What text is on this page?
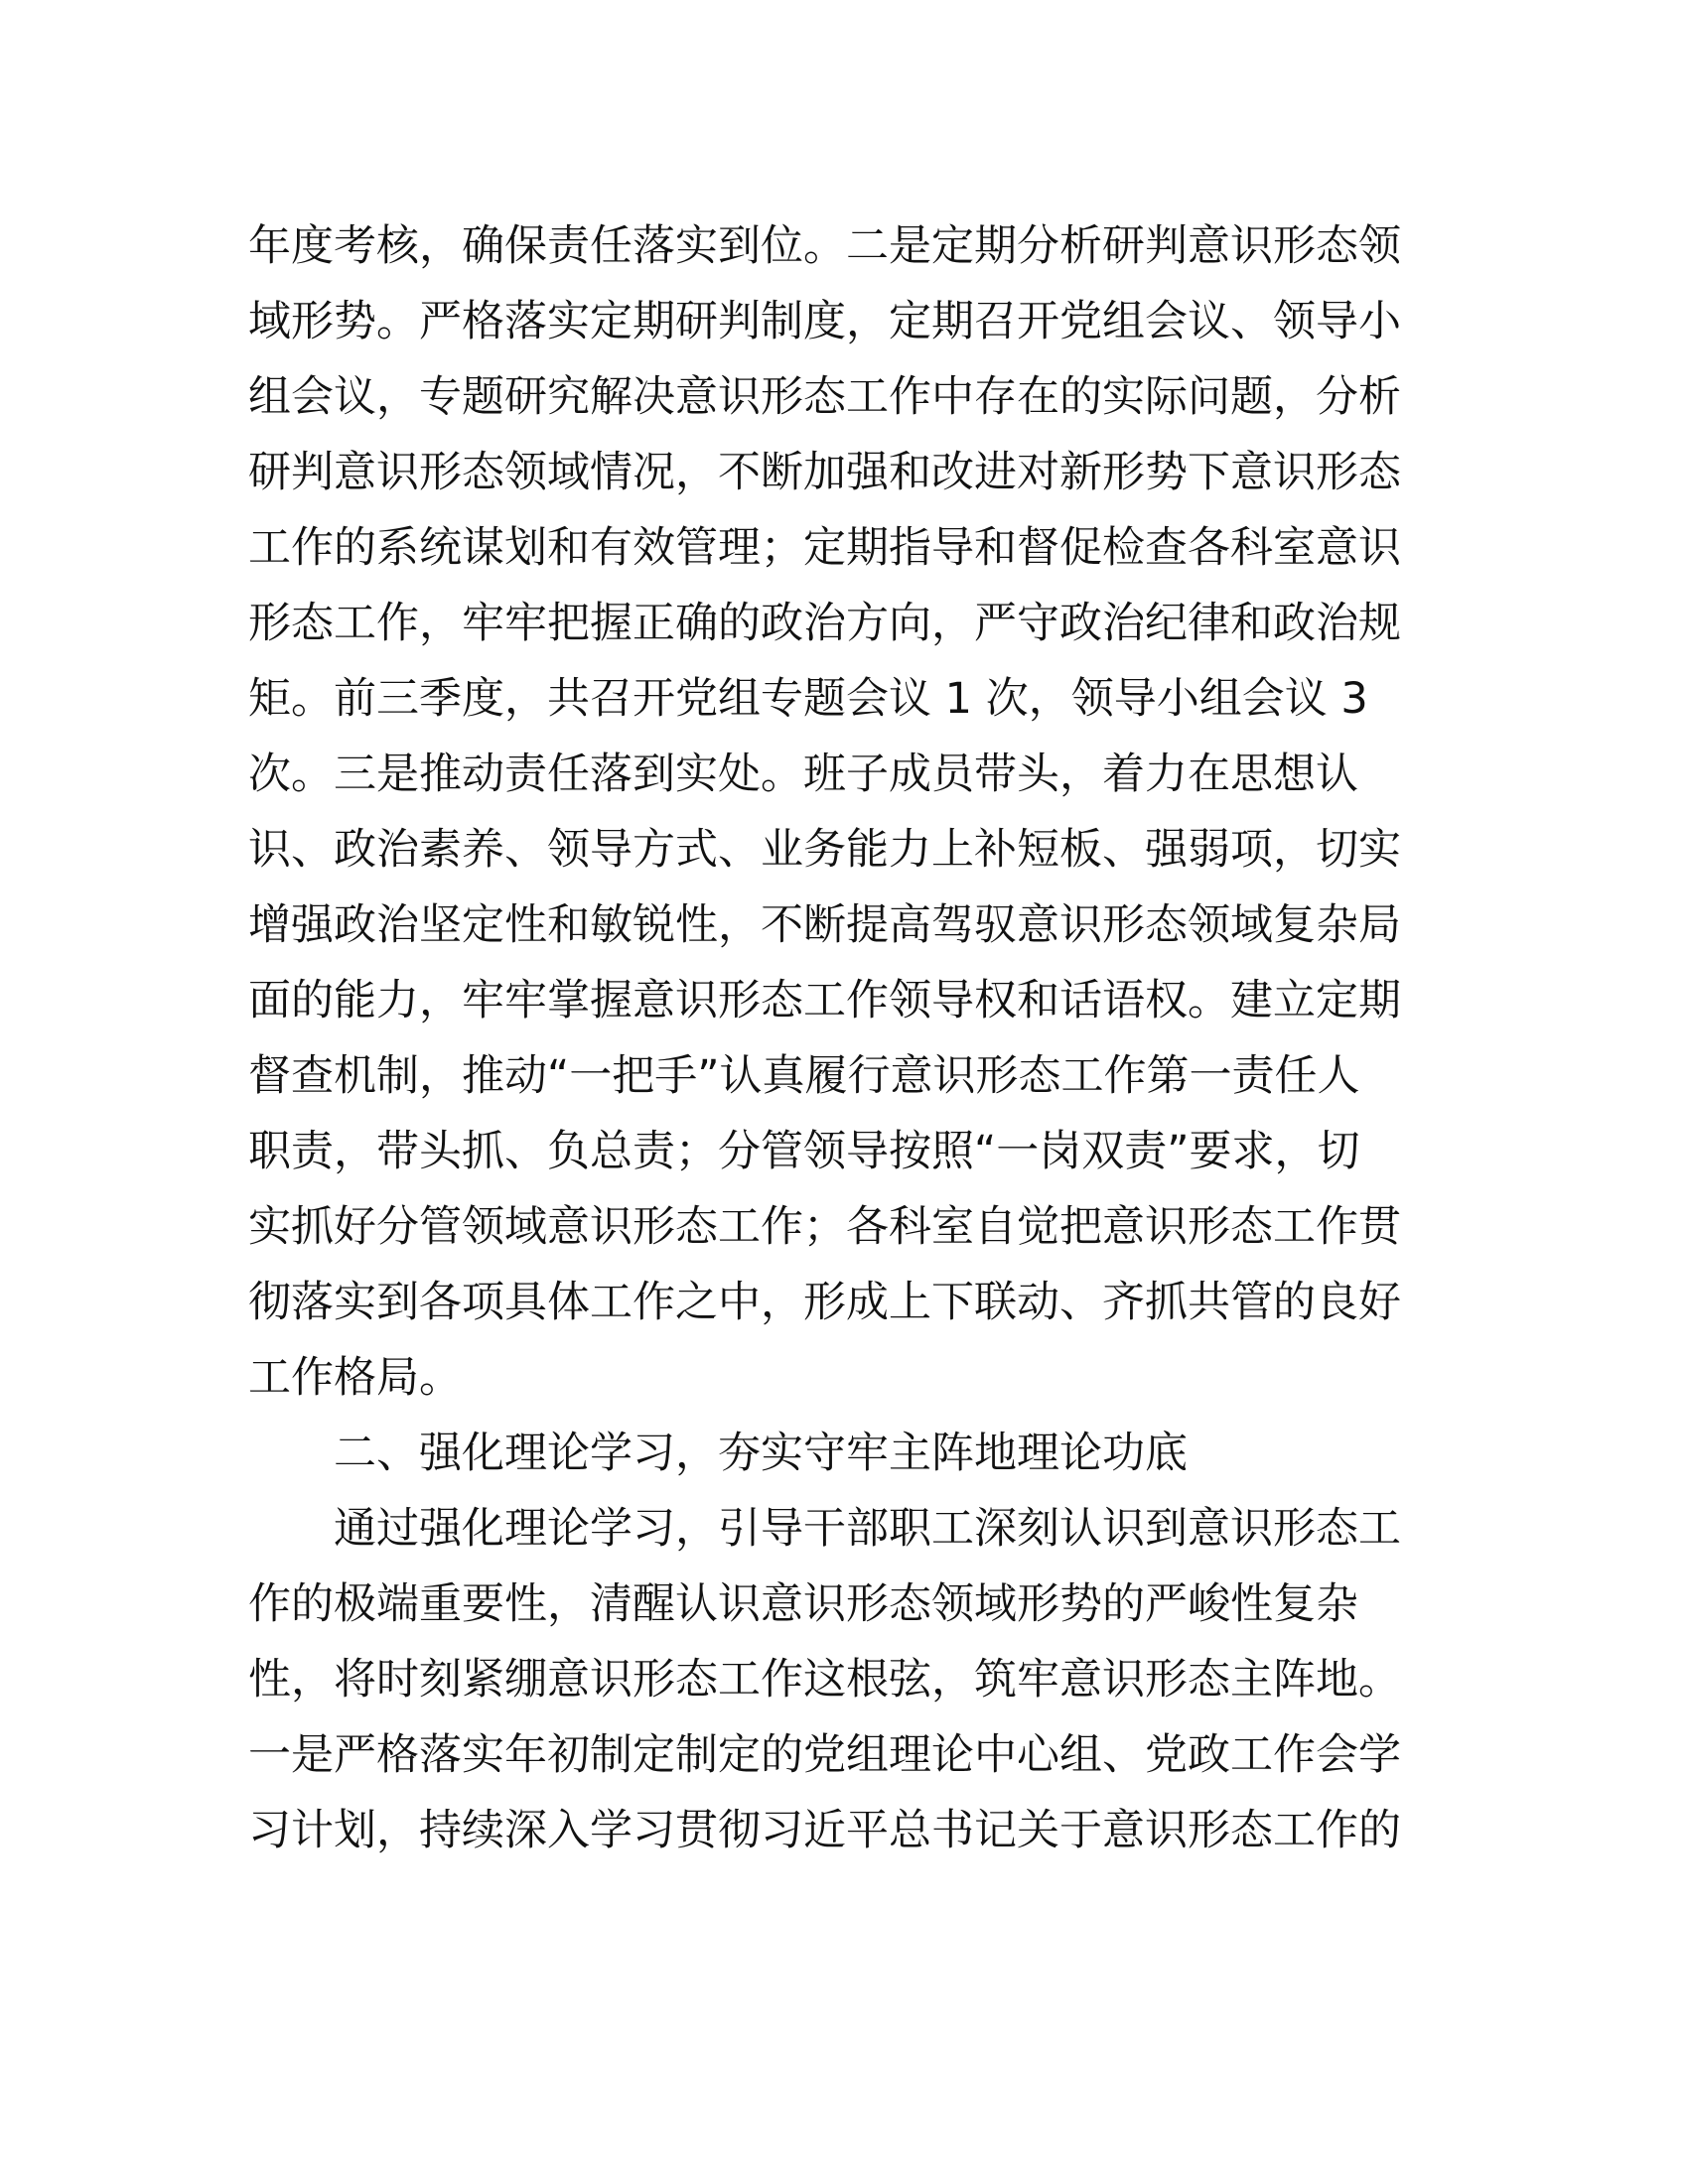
年度考核，确保责任落实到位。二是定期分析研判意识形态领
域形势。严格落实定期研判制度，定期召开党组会议、领导小
组会议，专题研究解决意识形态工作中存在的实际问题，分析
研判意识形态领域情况，不断加强和改进对新形势下意识形态
工作的系统谋划和有效管理；定期指导和督促检查各科室意识
形态工作，牢牢把握正确的政治方向，严守政治纪律和政治规
矩。前三季度，共召开党组专题会议 1 次，领导小组会议 3
次。三是推动责任落到实处。班子成员带头，着力在思想认
识、政治素养、领导方式、业务能力上补短板、强弱项，切实
增强政治坚定性和敏锐性，不断提高驾驭意识形态领域复杂局
面的能力，牢牢掌握意识形态工作领导权和话语权。建立定期
督查机制，推动“一把手”认真履行意识形态工作第一责任人
职责，带头抓、负总责；分管领导按照“一岗双责”要求，切
实抓好分管领域意识形态工作；各科室自觉把意识形态工作贯
彻落实到各项具体工作之中，形成上下联动、齐抓共管的良好
工作格局。
二、强化理论学习，夯实守牢主阵地理论功底
通过强化理论学习，引导干部职工深刻认识到意识形态工
作的极端重要性，清醒认识意识形态领域形势的严峻性复杂
性，将时刻紧绷意识形态工作这根弦，筑牢意识形态主阵地。
一是严格落实年初制定制定的党组理论中心组、党政工作会学
习计划，持续深入学习贯彻习近平总书记关于意识形态工作的
